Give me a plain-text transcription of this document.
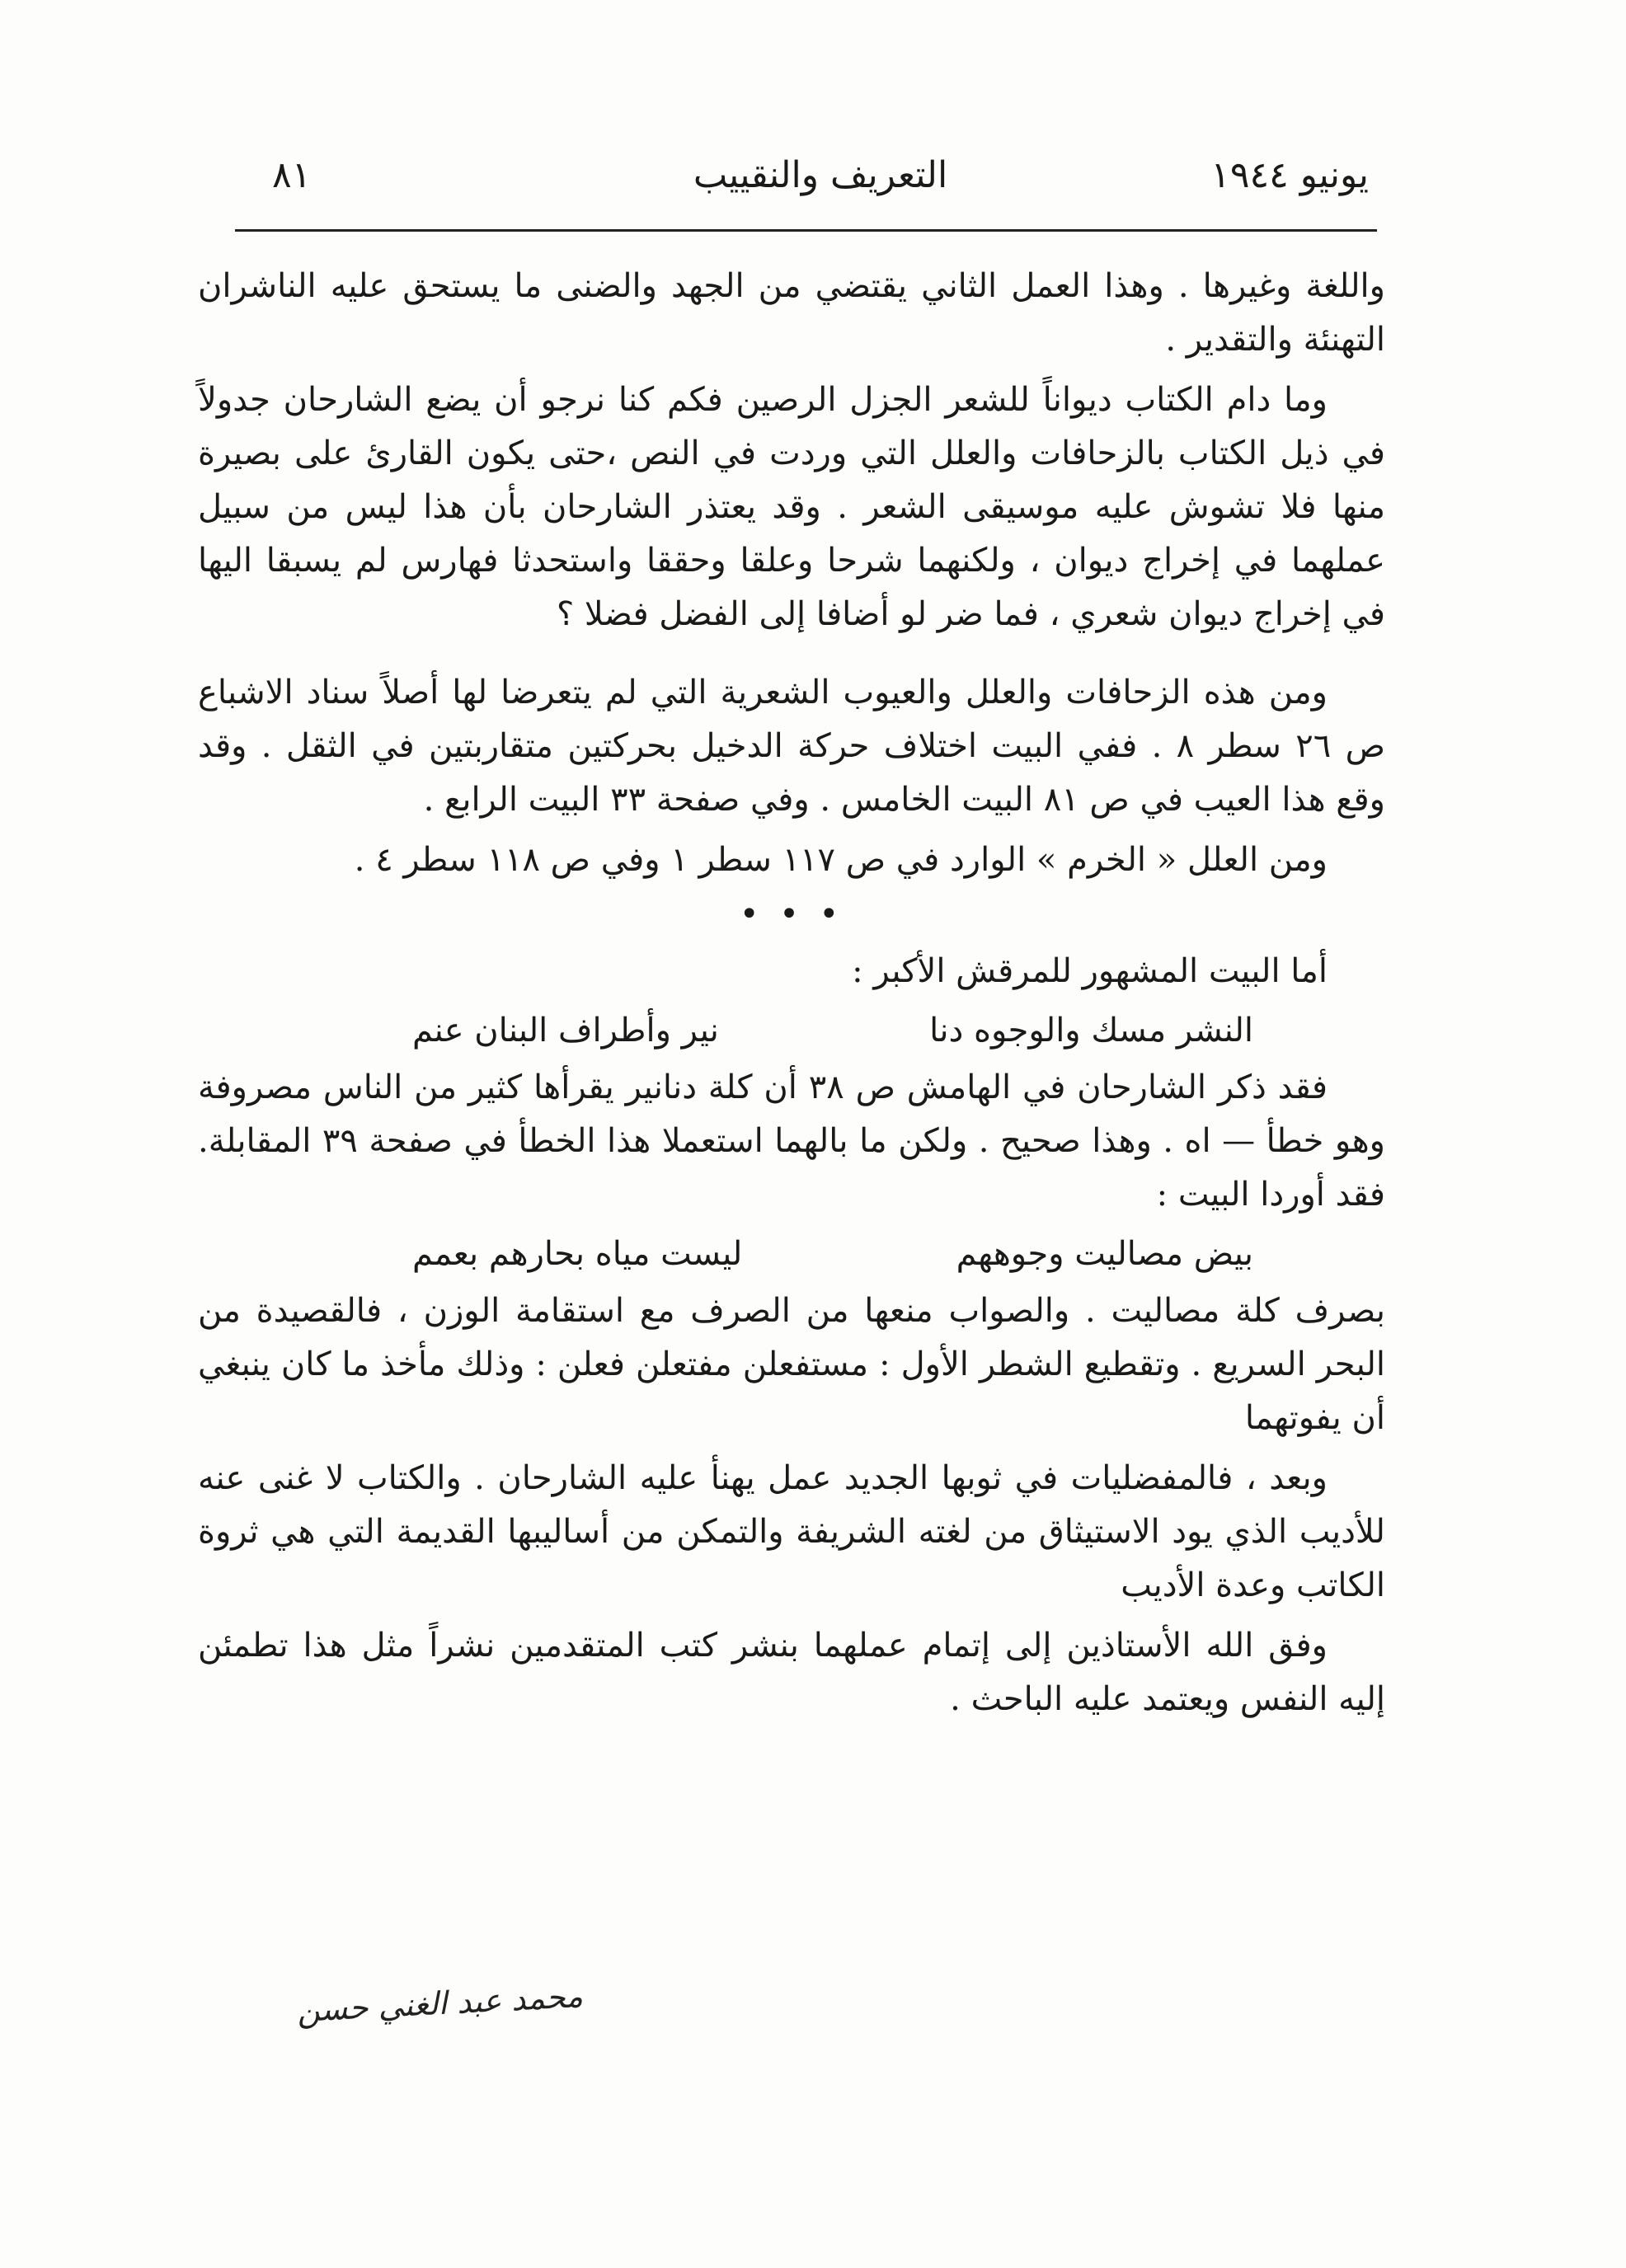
يونيو ١٩٤٤
التعريف والنقييب
٨١

واللغة وغيرها . وهذا العمل الثاني يقتضي من الجهد والضنى ما يستحق عليه الناشران التهنئة والتقدير .

وما دام الكتاب ديواناً للشعر الجزل الرصين فكم كنا نرجو أن يضع الشارحان جدولاً في ذيل الكتاب بالزحافات والعلل التي وردت في النص ،حتى يكون القارئ على بصيرة منها فلا تشوش عليه موسيقى الشعر . وقد يعتذر الشارحان بأن هذا ليس من سبيل عملهما في إخراج ديوان ، ولكنهما شرحا وعلقا وحققا واستحدثا فهارس لم يسبقا اليها في إخراج ديوان شعري ، فما ضر لو أضافا إلى الفضل فضلا ؟

ومن هذه الزحافات والعلل والعيوب الشعرية التي لم يتعرضا لها أصلاً سناد الاشباع ص ٢٦ سطر ٨ . ففي البيت اختلاف حركة الدخيل بحركتين متقاربتين في الثقل . وقد وقع هذا العيب في ص ٨١ البيت الخامس . وفي صفحة ٣٣ البيت الرابع .

ومن العلل « الخرم » الوارد في ص ١١٧ سطر ١ وفي ص ١١٨ سطر ٤ .

• • •

أما البيت المشهور للمرقش الأكبر :

النشر مسك والوجوه دنا
نير وأطراف البنان عنم

فقد ذكر الشارحان في الهامش ص ٣٨ أن كلة دنانير يقرأها كثير من الناس مصروفة وهو خطأ — اه . وهذا صحيح . ولكن ما بالهما استعملا هذا الخطأ في صفحة ٣٩ المقابلة. فقد أوردا البيت :

بيض مصاليت وجوههم
ليست مياه بحارهم بعمم

بصرف كلة مصاليت . والصواب منعها من الصرف مع استقامة الوزن ، فالقصيدة من البحر السريع . وتقطيع الشطر الأول : مستفعلن مفتعلن فعلن : وذلك مأخذ ما كان ينبغي أن يفوتهما

وبعد ، فالمفضليات في ثوبها الجديد عمل يهنأ عليه الشارحان . والكتاب لا غنى عنه للأديب الذي يود الاستيثاق من لغته الشريفة والتمكن من أساليبها القديمة التي هي ثروة الكاتب وعدة الأديب

وفق الله الأستاذين إلى إتمام عملهما بنشر كتب المتقدمين نشراً مثل هذا تطمئن إليه النفس ويعتمد عليه الباحث .

محمد عبد الغني حسن
